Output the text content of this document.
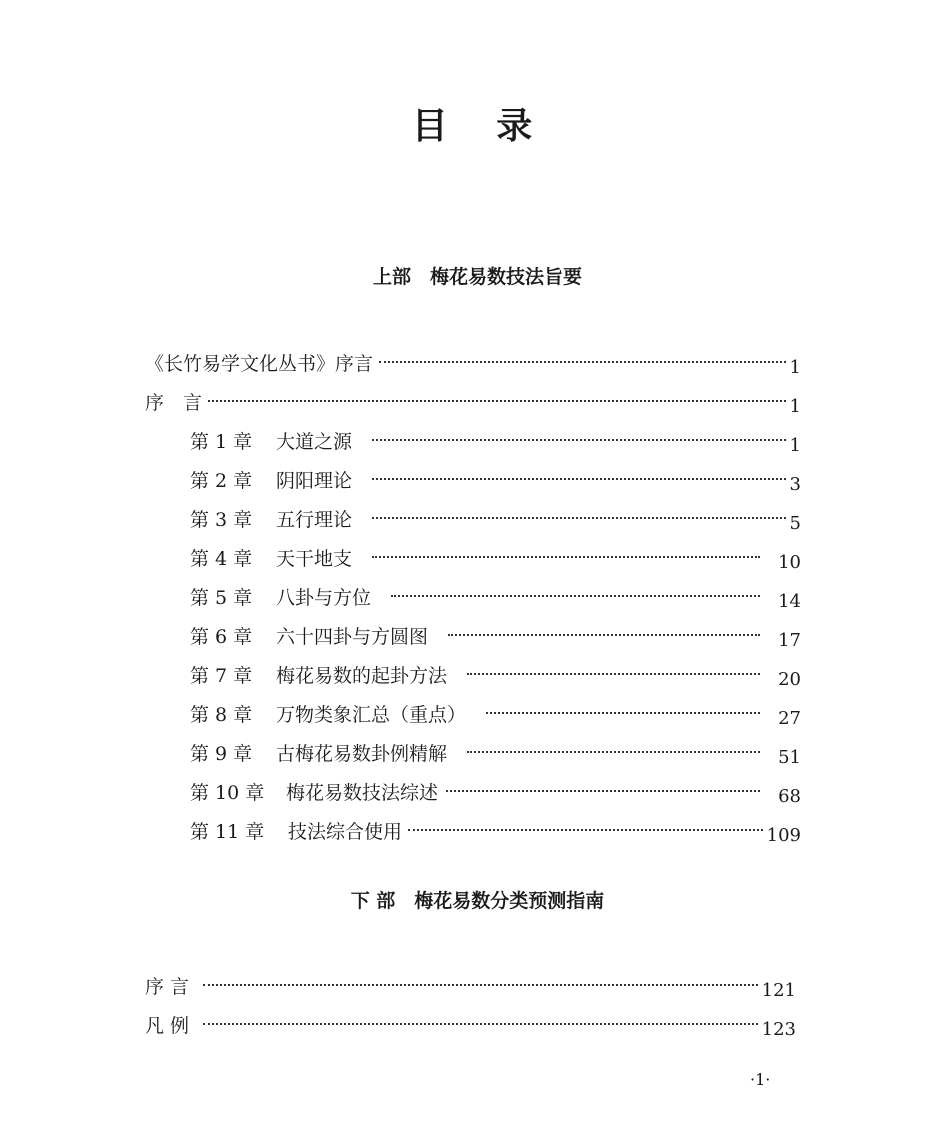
目 录
上部　梅花易数技法旨要
《长竹易学文化丛书》序言	1
序　言	1
第 1 章	大道之源	1
第 2 章	阴阳理论	3
第 3 章	五行理论	5
第 4 章	天干地支	10
第 5 章	八卦与方位	14
第 6 章	六十四卦与方圆图	17
第 7 章	梅花易数的起卦方法	20
第 8 章	万物类象汇总（重点）	27
第 9 章	古梅花易数卦例精解	51
第 10 章	梅花易数技法综述	68
第 11 章	技法综合使用	109
下 部　梅花易数分类预测指南
序 言	121
凡 例	123
·1·
